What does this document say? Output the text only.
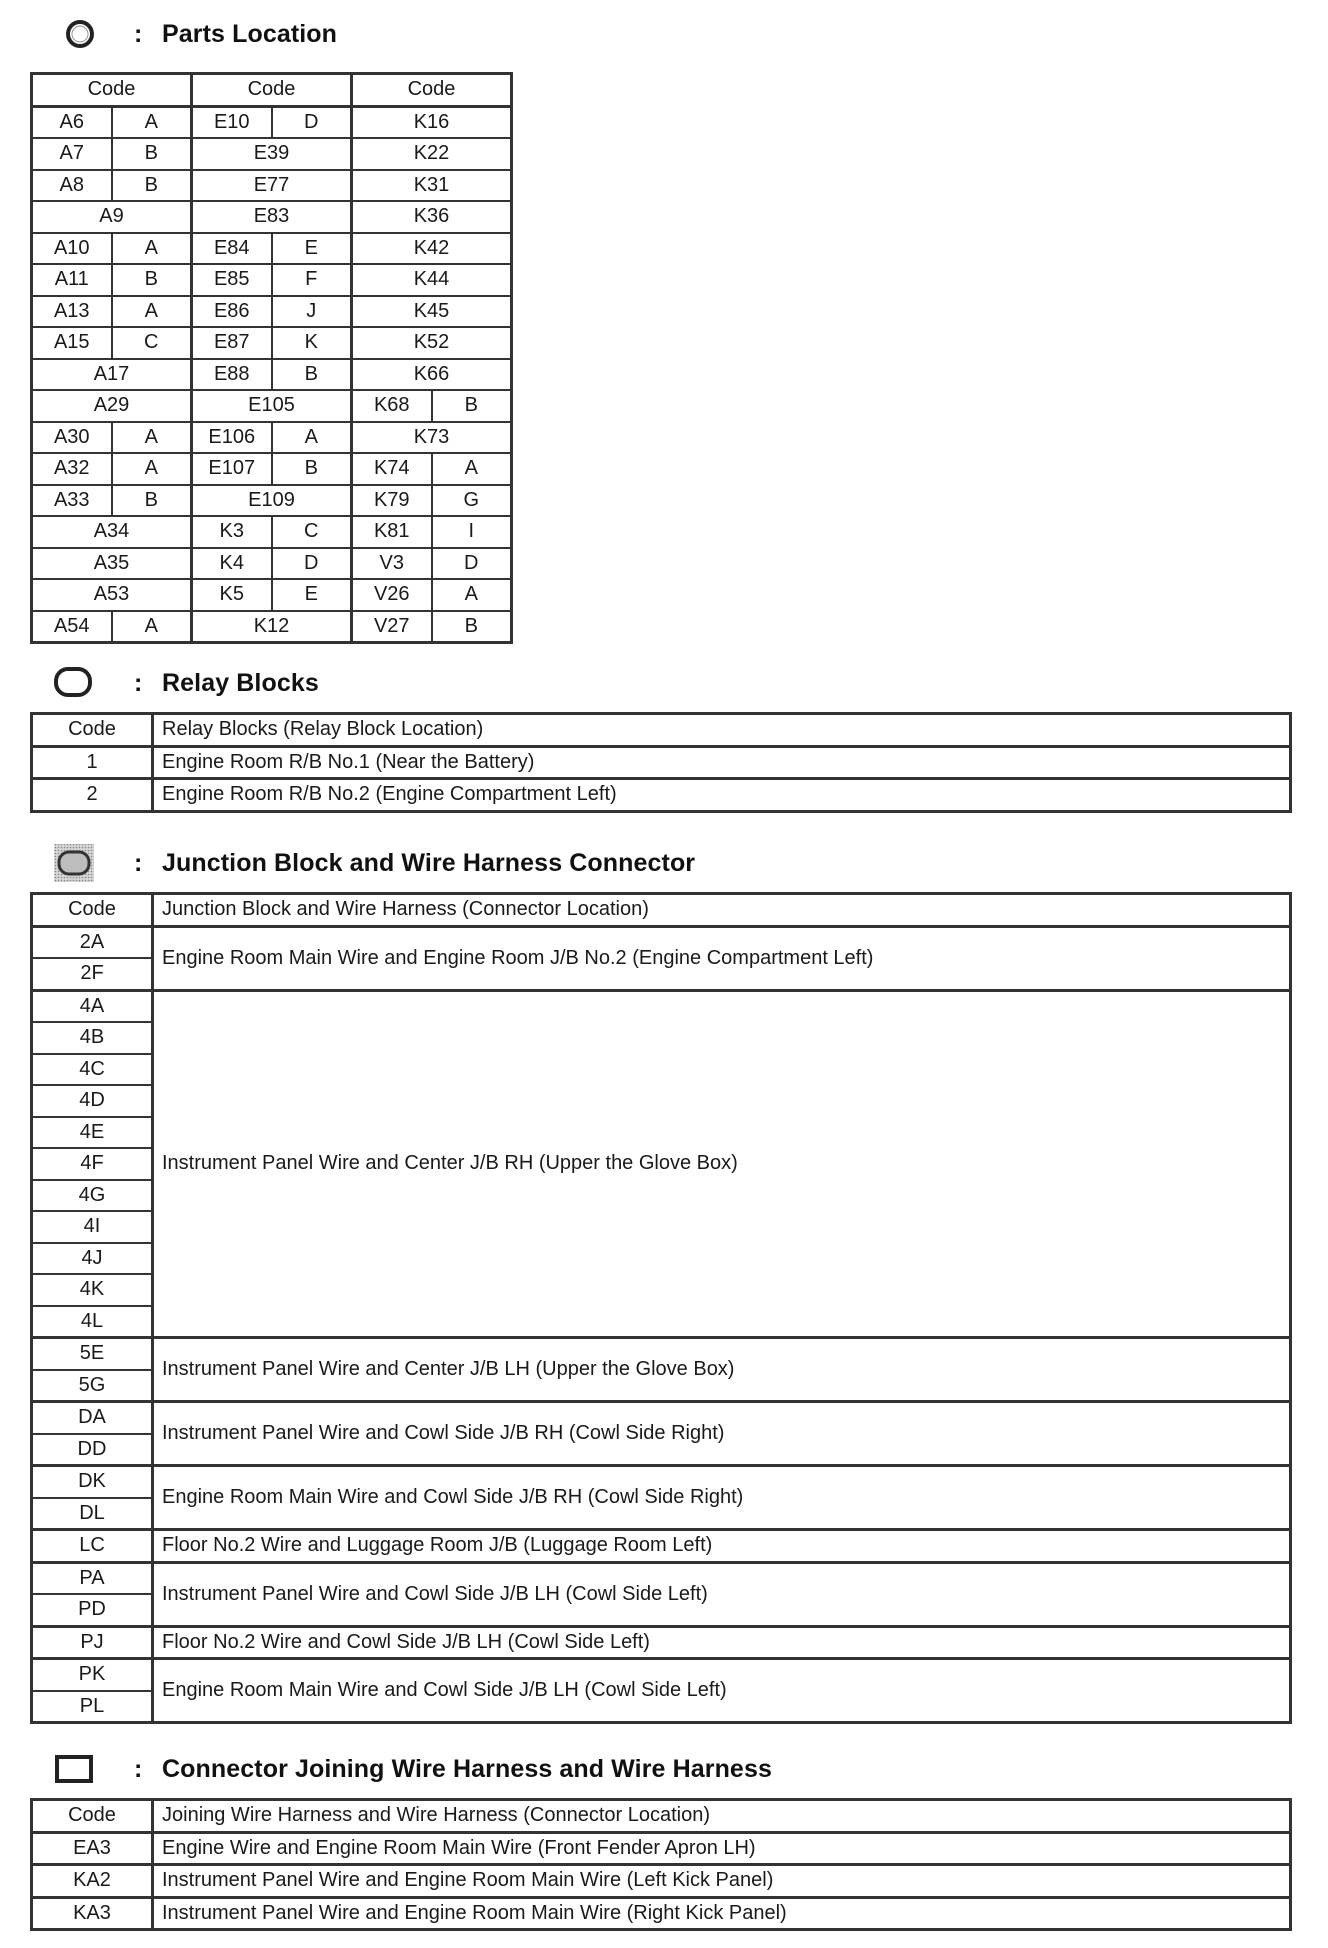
: Parts Location
Code		Code		Code	
A6	A	E10	D	K16	
A7	B	E39		K22	
A8	B	E77		K31	
A9		E83		K36	
A10	A	E84	E	K42	
A11	B	E85	F	K44	
A13	A	E86	J	K45	
A15	C	E87	K	K52	
A17		E88	B	K66	
A29		E105		K68	B
A30	A	E106	A	K73	
A32	A	E107	B	K74	A
A33	B	E109		K79	G
A34		K3	C	K81	I
A35		K4	D	V3	D
A53		K5	E	V26	A
A54	A	K12		V27	B
: Relay Blocks
Code	Relay Blocks (Relay Block Location)
1	Engine Room R/B No.1 (Near the Battery)
2	Engine Room R/B No.2 (Engine Compartment Left)
: Junction Block and Wire Harness Connector
Code	Junction Block and Wire Harness (Connector Location)
2A	Engine Room Main Wire and Engine Room J/B No.2 (Engine Compartment Left)
2F	
4A	Instrument Panel Wire and Center J/B RH (Upper the Glove Box)
4B	
4C	
4D	
4E	
4F	
4G	
4I	
4J	
4K	
4L	
5E	Instrument Panel Wire and Center J/B LH (Upper the Glove Box)
5G	
DA	Instrument Panel Wire and Cowl Side J/B RH (Cowl Side Right)
DD	
DK	Engine Room Main Wire and Cowl Side J/B RH (Cowl Side Right)
DL	
LC	Floor No.2 Wire and Luggage Room J/B (Luggage Room Left)
PA	Instrument Panel Wire and Cowl Side J/B LH (Cowl Side Left)
PD	
PJ	Floor No.2 Wire and Cowl Side J/B LH (Cowl Side Left)
PK	Engine Room Main Wire and Cowl Side J/B LH (Cowl Side Left)
PL	
: Connector Joining Wire Harness and Wire Harness
Code	Joining Wire Harness and Wire Harness (Connector Location)
EA3	Engine Wire and Engine Room Main Wire (Front Fender Apron LH)
KA2	Instrument Panel Wire and Engine Room Main Wire (Left Kick Panel)
KA3	Instrument Panel Wire and Engine Room Main Wire (Right Kick Panel)
